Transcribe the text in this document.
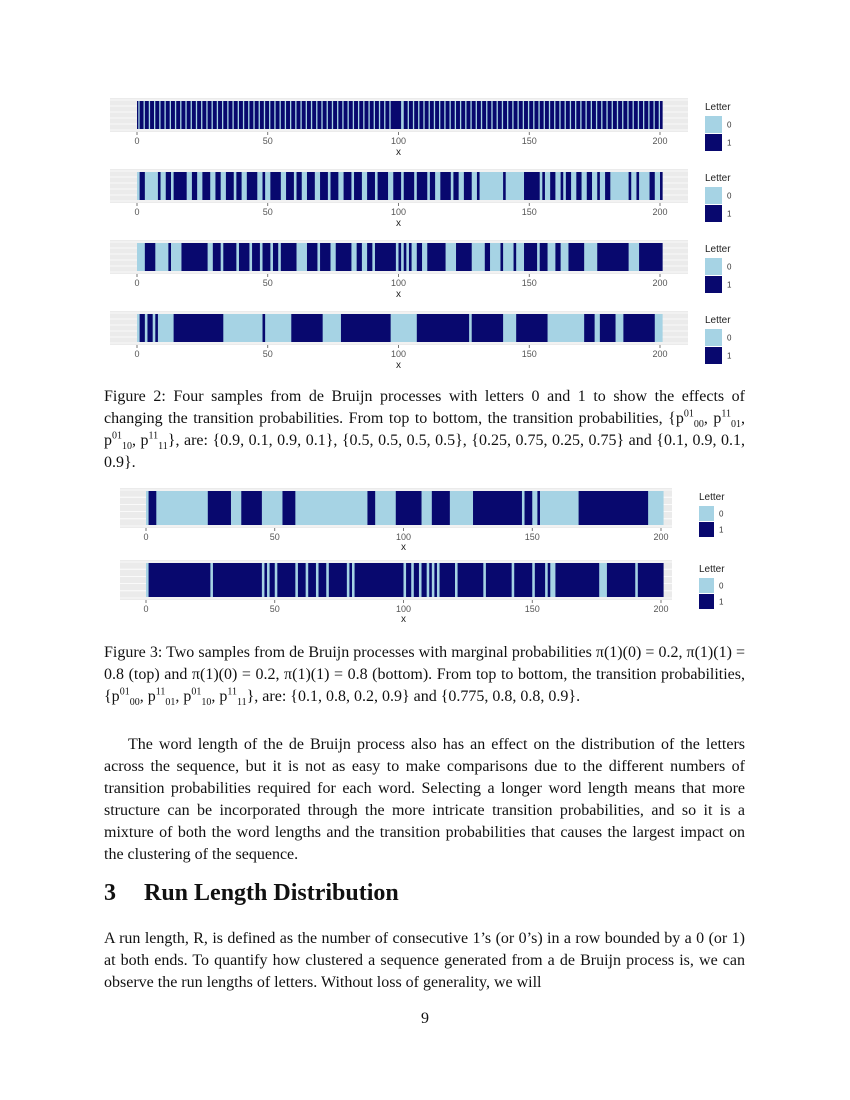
0	50	100	150	200
x
Letter
0
1
0	50	100	150	200
x
Letter
0
1
0	50	100	150	200
x
Letter
0
1
0	50	100	150	200
x
Letter
0
1
Figure 2: Four samples from de Bruijn processes with letters 0 and 1 to show the effects of changing the transition probabilities. From top to bottom, the transition probabilities, {$p^{01}_{00}$, $p^{11}_{01}$, $p^{01}_{10}$, $p^{11}_{11}$}, are: {0.9, 0.1, 0.9, 0.1}, {0.5, 0.5, 0.5, 0.5}, {0.25, 0.75, 0.25, 0.75} and {0.1, 0.9, 0.1, 0.9}.
0	50	100	150	200
x
Letter
0
1
0	50	100	150	200
x
Letter
0
1
Figure 3: Two samples from de Bruijn processes with marginal probabilities π(1)(0) = 0.2, π(1)(1) = 0.8 (top) and π(1)(0) = 0.2, π(1)(1) = 0.8 (bottom). From top to bottom, the transition probabilities, {$p^{01}_{00}$, $p^{11}_{01}$, $p^{01}_{10}$, $p^{11}_{11}$}, are: {0.1, 0.8, 0.2, 0.9} and {0.775, 0.8, 0.8, 0.9}.
The word length of the de Bruijn process also has an effect on the distribution of the letters across the sequence, but it is not as easy to make comparisons due to the different numbers of transition probabilities required for each word. Selecting a longer word length means that more structure can be incorporated through the more intricate transition probabilities, and so it is a mixture of both the word lengths and the transition probabilities that causes the largest impact on the clustering of the sequence.
3 Run Length Distribution
A run length, R, is defined as the number of consecutive 1’s (or 0’s) in a row bounded by a 0 (or 1) at both ends. To quantify how clustered a sequence generated from a de Bruijn process is, we can observe the run lengths of letters. Without loss of generality, we will
9
